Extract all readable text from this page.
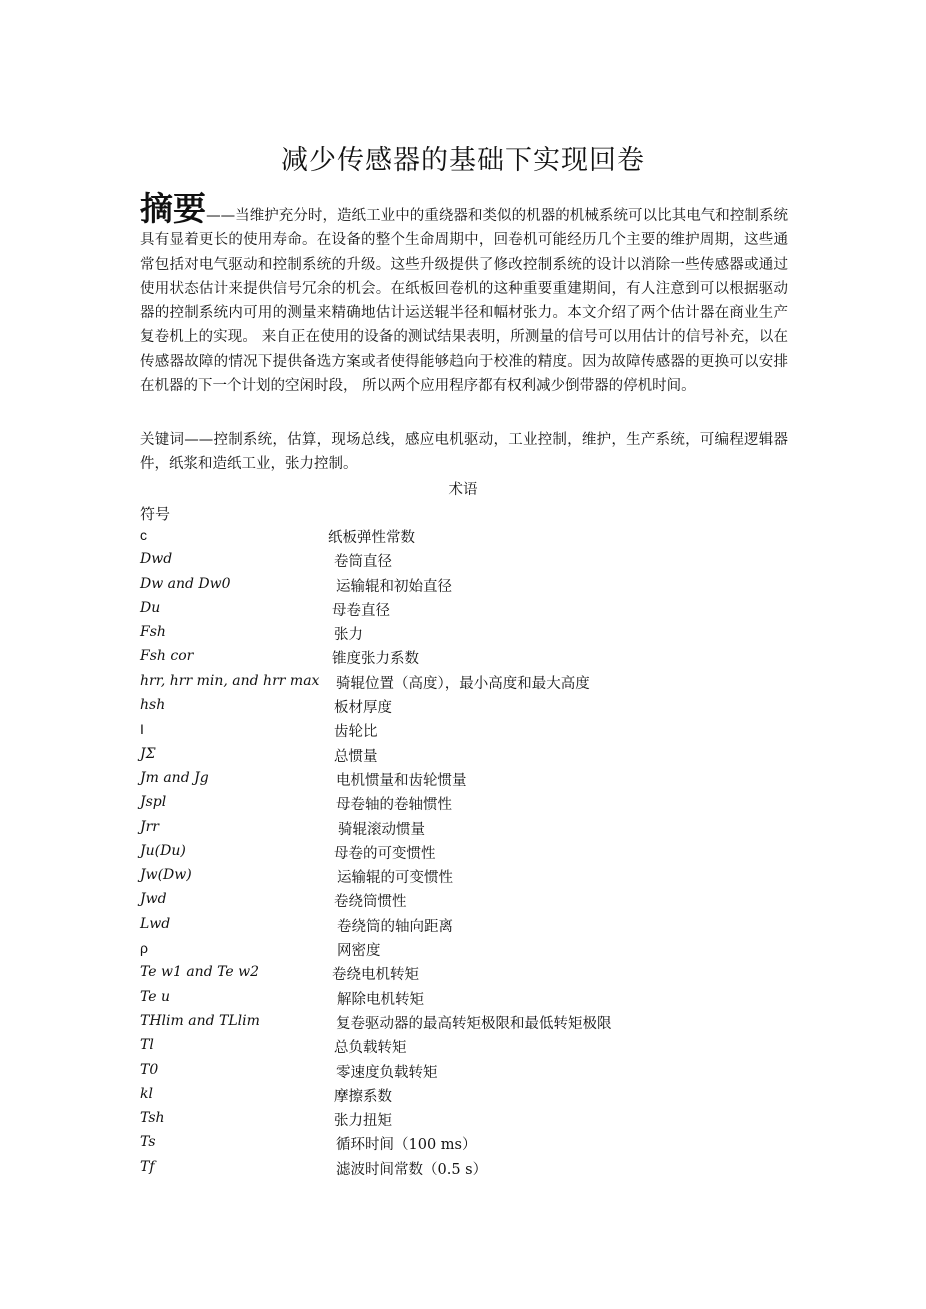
减少传感器的基础下实现回卷
摘要——当维护充分时，造纸工业中的重绕器和类似的机器的机械系统可以比其电气和控制系统具有显着更长的使用寿命。在设备的整个生命周期中，回卷机可能经历几个主要的维护周期，这些通常包括对电气驱动和控制系统的升级。这些升级提供了修改控制系统的设计以消除一些传感器或通过使用状态估计来提供信号冗余的机会。在纸板回卷机的这种重要重建期间，有人注意到可以根据驱动器的控制系统内可用的测量来精确地估计运送辊半径和幅材张力。本文介绍了两个估计器在商业生产复卷机上的实现。 来自正在使用的设备的测试结果表明，所测量的信号可以用估计的信号补充，以在传感器故障的情况下提供备选方案或者使得能够趋向于校准的精度。因为故障传感器的更换可以安排在机器的下一个计划的空闲时段， 所以两个应用程序都有权利减少倒带器的停机时间。
关键词——控制系统，估算，现场总线，感应电机驱动，工业控制，维护，生产系统，可编程逻辑器件，纸浆和造纸工业，张力控制。
术语
符号
c	纸板弹性常数
Dwd	卷筒直径
Dw and Dw0	运输辊和初始直径
Du	母卷直径
Fsh	张力
Fsh cor	锥度张力系数
hrr, hrr min, and hrr max 骑辊位置（高度），最小高度和最大高度
hsh	板材厚度
I	齿轮比
JΣ	总惯量
Jm and Jg	电机惯量和齿轮惯量
Jspl	母卷轴的卷轴惯性
Jrr	骑辊滚动惯量
Ju(Du)	母卷的可变惯性
Jw(Dw)	运输辊的可变惯性
Jwd	卷绕筒惯性
Lwd	卷绕筒的轴向距离
ρ	网密度
Te w1 and Te w2	卷绕电机转矩
Te u	解除电机转矩
THlim and TLlim	复卷驱动器的最高转矩极限和最低转矩极限
Tl	总负载转矩
T0	零速度负载转矩
kl	摩擦系数
Tsh	张力扭矩
Ts	循环时间（100 ms）
Tf	滤波时间常数（0.5 s）
